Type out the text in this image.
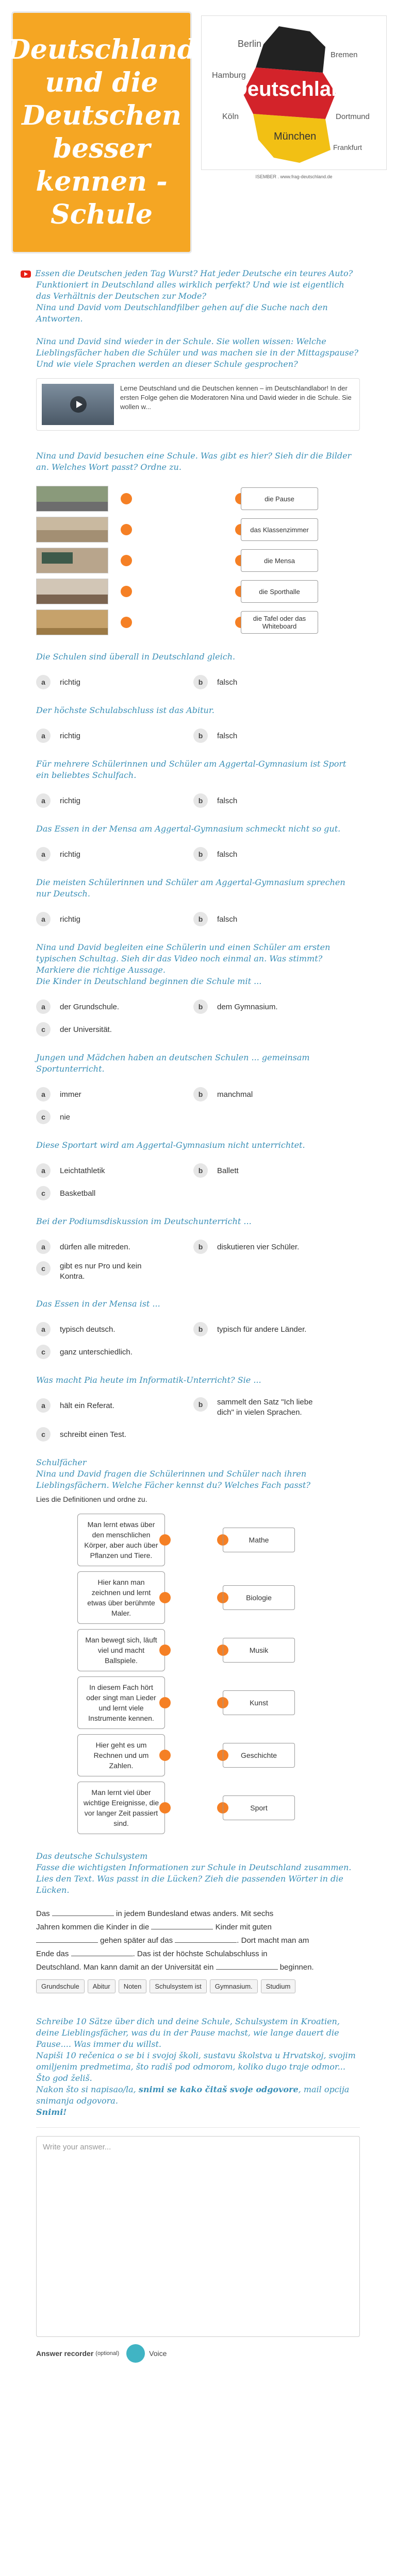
Deutschland und die Deutschen besser kennen - Schule
Deutschland
Berlin
Hamburg
München
Dortmund
Köln
Bremen
Frankfurt
ISEMBER . www.frag-deutschland.de

Essen die Deutschen jeden Tag Wurst? Hat jeder Deutsche ein teures Auto? Funktioniert in Deutschland alles wirklich perfekt? Und wie ist eigentlich das Verhältnis der Deutschen zur Mode?

Nina und David vom Deutschlandfilber gehen auf die Suche nach den Antworten.

Nina und David sind wieder in der Schule. Sie wollen wissen: Welche Lieblingsfächer haben die Schüler und was machen sie in der Mittagspause? Und wie viele Sprachen werden an dieser Schule gesprochen?

Lerne Deutschland und die Deutschen kennen – im Deutschlandlabor! In der ersten Folge gehen die Moderatoren Nina und David wieder in die Schule. Sie wollen w...

Nina und David besuchen eine Schule. Was gibt es hier? Sieh dir die Bilder an. Welches Wort passt? Ordne zu.

die Pause
das Klassenzimmer
die Mensa
die Sporthalle
die Tafel oder das Whiteboard

Die Schulen sind überall in Deutschland gleich.

a	richtig	b	falsch

Der höchste Schulabschluss ist das Abitur.

a	richtig	b	falsch

Für mehrere Schülerinnen und Schüler am Aggertal-Gymnasium ist Sport ein beliebtes Schulfach.

a	richtig	b	falsch

Das Essen in der Mensa am Aggertal-Gymnasium schmeckt nicht so gut.

a	richtig	b	falsch

Die meisten Schülerinnen und Schüler am Aggertal-Gymnasium sprechen nur Deutsch.

a	richtig	b	falsch

Nina und David begleiten eine Schülerin und einen Schüler am ersten typischen Schultag. Sieh dir das Video noch einmal an. Was stimmt? Markiere die richtige Aussage.

Die Kinder in Deutschland beginnen die Schule mit ...

a	der Grundschule.	b	dem Gymnasium.
c	der Universität.

Jungen und Mädchen haben an deutschen Schulen ... gemeinsam Sportunterricht.

a	immer	b	manchmal
c	nie

Diese Sportart wird am Aggertal-Gymnasium nicht unterrichtet.

a	Leichtathletik	b	Ballett
c	Basketball

Bei der Podiumsdiskussion im Deutschunterricht ...

a	dürfen alle mitreden.	b	diskutieren vier Schüler.
c	gibt es nur Pro und kein Kontra.

Das Essen in der Mensa ist ...

a	typisch deutsch.	b	typisch für andere Länder.
c	ganz unterschiedlich.

Was macht Pia heute im Informatik-Unterricht? Sie ...

a	hält ein Referat.	b	sammelt den Satz "Ich liebe dich" in vielen Sprachen.
c	schreibt einen Test.

Schulfächer

Nina und David fragen die Schülerinnen und Schüler nach ihren Lieblingsfächern. Welche Fächer kennst du? Welches Fach passt?

Lies die Definitionen und ordne zu.

Man lernt etwas über den menschlichen Körper, aber auch über Pflanzen und Tiere.
Mathe
Hier kann man zeichnen und lernt etwas über berühmte Maler.
Biologie
Man bewegt sich, läuft viel und macht Ballspiele.
Musik
In diesem Fach hört oder singt man Lieder und lernt viele Instrumente kennen.
Kunst
Hier geht es um Rechnen und um Zahlen.
Geschichte
Man lernt viel über wichtige Ereignisse, die vor langer Zeit passiert sind.
Sport

Das deutsche Schulsystem

Fasse die wichtigsten Informationen zur Schule in Deutschland zusammen. Lies den Text. Was passt in die Lücken? Zieh die passenden Wörter in die Lücken.

Das	in jedem Bundesland etwas anders. Mit sechs
Jahren kommen die Kinder in die	Kinder mit guten
gehen später auf das	. Dort macht man am
Ende das	. Das ist der höchste Schulabschluss in
Deutschland. Man kann damit an der Universität ein	beginnen.
Grundschule	Abitur	Noten	Schulsystem ist	Gymnasium.	Studium

Schreibe 10 Sätze über dich und deine Schule, Schulsystem in Kroatien, deine Lieblingsfächer, was du in der Pause machst, wie lange dauert die Pause.... Was immer du willst.

Napiši 10 rečenica o se bi i svojoj školi, sustavu školstva u Hrvatskoj, svojim omiljenim predmetima, što radiš pod odmorom, koliko dugo traje odmor... Što god želiš.

Nakon što si napisao/la, snimi se kako čitaš svoje odgovore, mail opcija snimanja odgovora.

Snimi!

Write your answer...
Answer recorder (optional)	Voice
